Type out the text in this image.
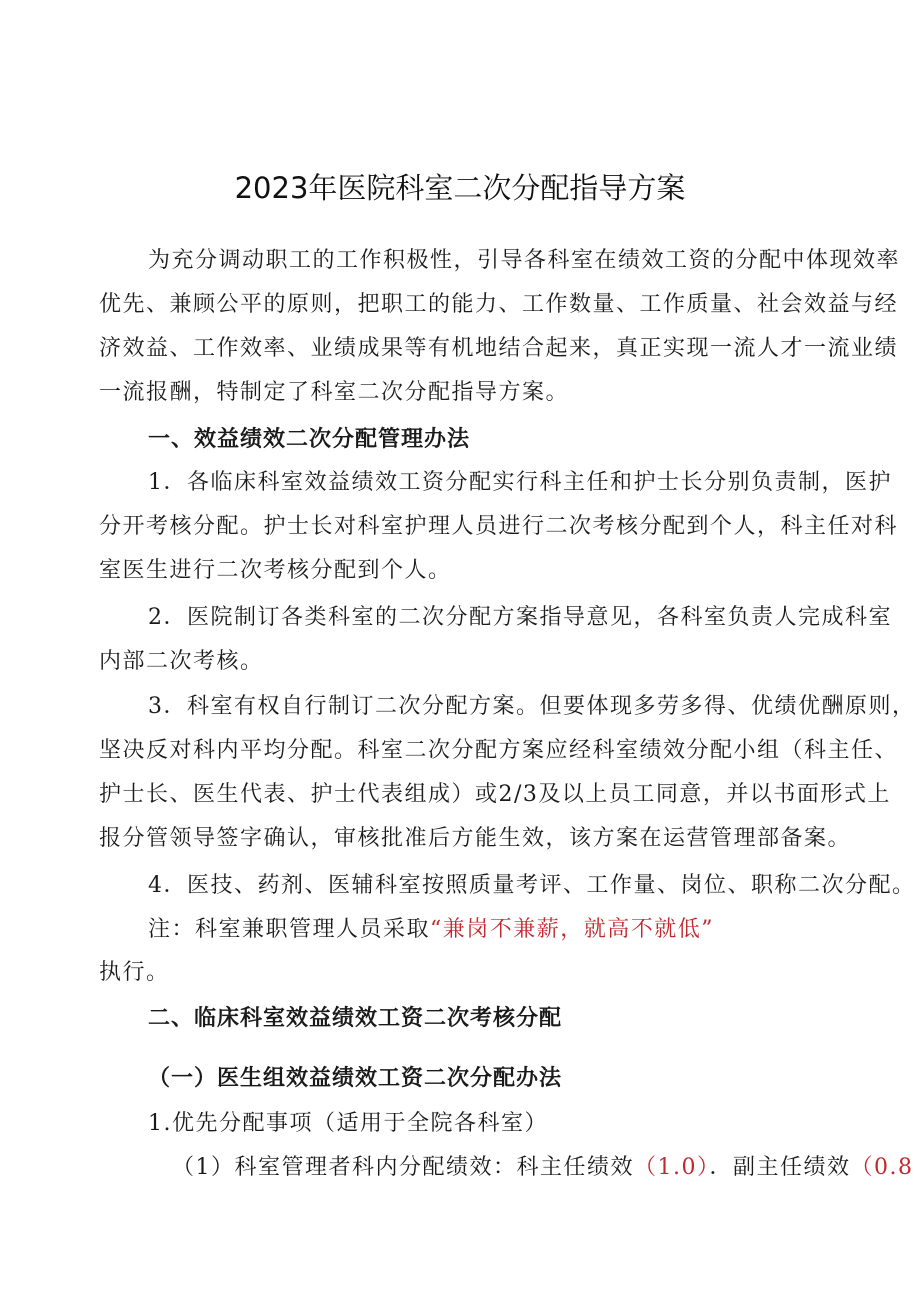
2023年医院科室二次分配指导方案
为充分调动职工的工作积极性，引导各科室在绩效工资的分配中体现效率
优先、兼顾公平的原则，把职工的能力、工作数量、工作质量、社会效益与经
济效益、工作效率、业绩成果等有机地结合起来，真正实现一流人才一流业绩
一流报酬，特制定了科室二次分配指导方案。
一、效益绩效二次分配管理办法
1．各临床科室效益绩效工资分配实行科主任和护士长分别负责制，医护
分开考核分配。护士长对科室护理人员进行二次考核分配到个人，科主任对科
室医生进行二次考核分配到个人。
2．医院制订各类科室的二次分配方案指导意见，各科室负责人完成科室
内部二次考核。
3．科室有权自行制订二次分配方案。但要体现多劳多得、优绩优酬原则，
坚决反对科内平均分配。科室二次分配方案应经科室绩效分配小组（科主任、
护士长、医生代表、护士代表组成）或2/3及以上员工同意，并以书面形式上
报分管领导签字确认，审核批准后方能生效，该方案在运营管理部备案。
4．医技、药剂、医辅科室按照质量考评、工作量、岗位、职称二次分配。
注：科室兼职管理人员采取“兼岗不兼薪，就高不就低”
执行。
二、临床科室效益绩效工资二次考核分配
（一）医生组效益绩效工资二次分配办法
1.优先分配事项（适用于全院各科室）
（1）科室管理者科内分配绩效：科主任绩效（1.0）．副主任绩效（0.8
